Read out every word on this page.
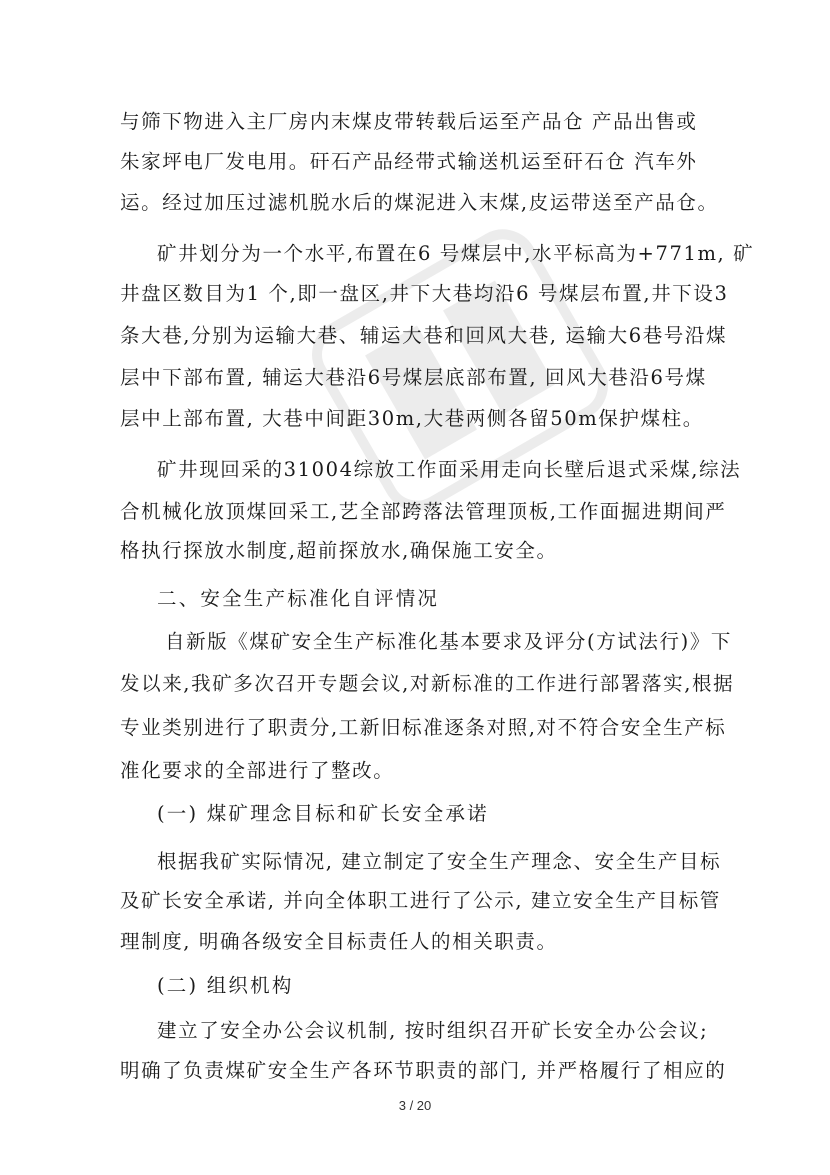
与筛下物进入主厂房内末煤皮带转载后运至产品仓 产品出售或
朱家坪电厂发电用。矸石产品经带式输送机运至矸石仓 汽车外
运。经过加压过滤机脱水后的煤泥进入末煤,皮运带送至产品仓。
矿井划分为一个水平,布置在6 号煤层中,水平标高为+771m, 矿
井盘区数目为1 个,即一盘区,井下大巷均沿6 号煤层布置,井下设3
条大巷,分别为运输大巷、辅运大巷和回风大巷, 运输大6巷号沿煤
层中下部布置, 辅运大巷沿6号煤层底部布置, 回风大巷沿6号煤
层中上部布置, 大巷中间距30m,大巷两侧各留50m保护煤柱。
矿井现回采的31004综放工作面采用走向长壁后退式采煤,综法
合机械化放顶煤回采工,艺全部跨落法管理顶板,工作面掘进期间严
格执行探放水制度,超前探放水,确保施工安全。
二、安全生产标准化自评情况
自新版《煤矿安全生产标准化基本要求及评分(方试法行)》下
发以来,我矿多次召开专题会议,对新标准的工作进行部署落实,根据
专业类别进行了职责分,工新旧标准逐条对照,对不符合安全生产标
准化要求的全部进行了整改。
(一) 煤矿理念目标和矿长安全承诺
根据我矿实际情况, 建立制定了安全生产理念、安全生产目标
及矿长安全承诺, 并向全体职工进行了公示, 建立安全生产目标管
理制度, 明确各级安全目标责任人的相关职责。
(二) 组织机构
建立了安全办公会议机制, 按时组织召开矿长安全办公会议;
明确了负责煤矿安全生产各环节职责的部门, 并严格履行了相应的
3 / 20
